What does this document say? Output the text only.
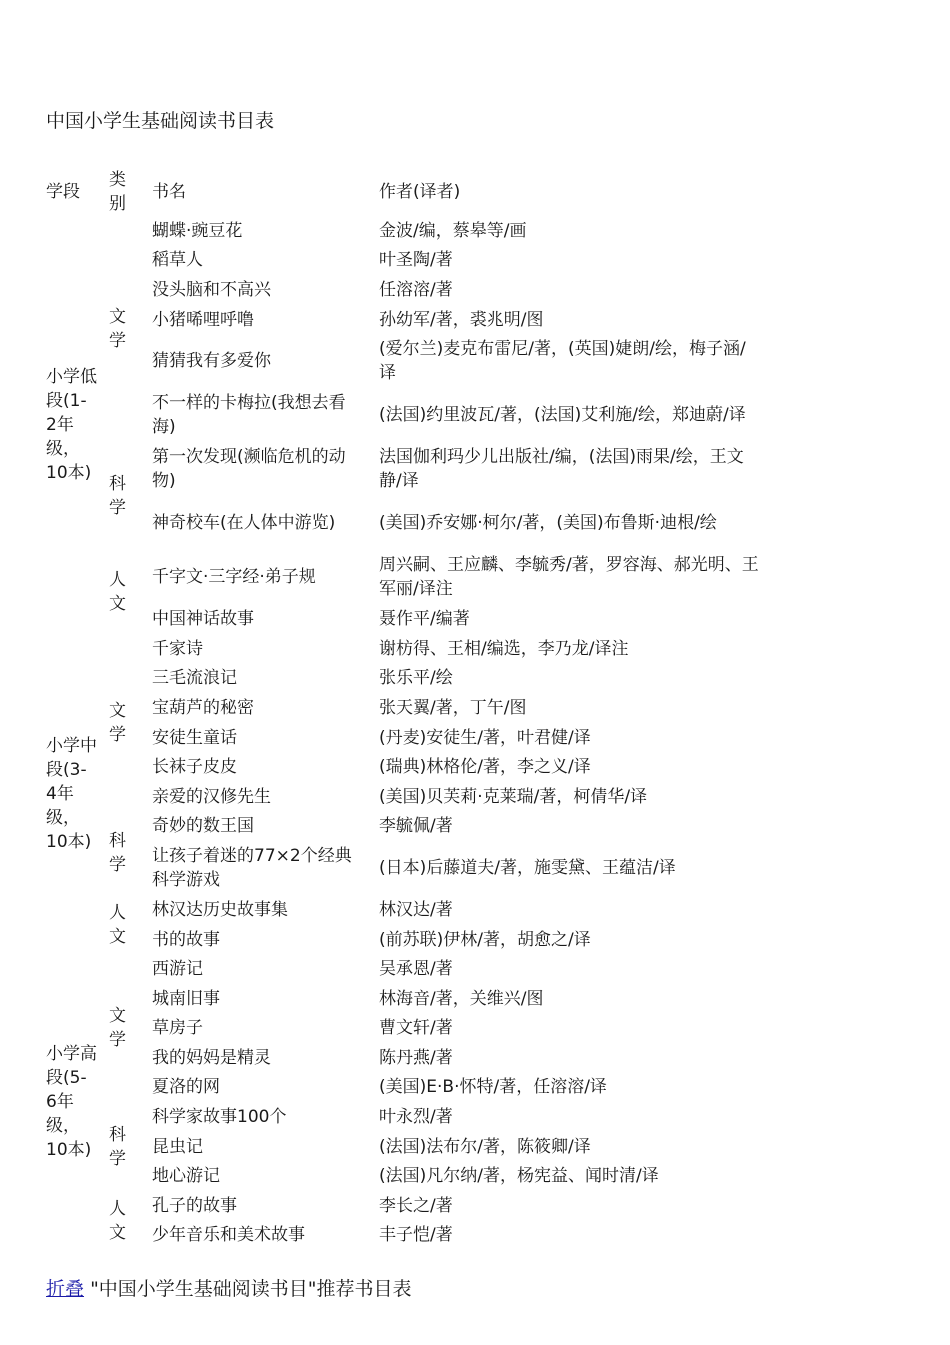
中国小学生基础阅读书目表
学段	类别	书名	作者(译者)
小学低段(1-2年级，10本)	文学	蝴蝶·豌豆花	金波/编，蔡皋等/画
		稻草人	叶圣陶/著
		没头脑和不高兴	任溶溶/著
		小猪唏哩呼噜	孙幼军/著，裘兆明/图
		猜猜我有多爱你	(爱尔兰)麦克布雷尼/著，(英国)婕朗/绘，梅子涵/译
		不一样的卡梅拉(我想去看海)	(法国)约里波瓦/著，(法国)艾利施/绘，郑迪蔚/译
	科学	第一次发现(濒临危机的动物)	法国伽利玛少儿出版社/编，(法国)雨果/绘，王文静/译
		神奇校车(在人体中游览)	(美国)乔安娜·柯尔/著，(美国)布鲁斯·迪根/绘
	人文	千字文·三字经·弟子规	周兴嗣、王应麟、李毓秀/著，罗容海、郝光明、王军丽/译注
		中国神话故事	聂作平/编著
小学中段(3-4年级，10本)	文学	千家诗	谢枋得、王相/编选，李乃龙/译注
		三毛流浪记	张乐平/绘
		宝葫芦的秘密	张天翼/著，丁午/图
		安徒生童话	(丹麦)安徒生/著，叶君健/译
		长袜子皮皮	(瑞典)林格伦/著，李之义/译
		亲爱的汉修先生	(美国)贝芙莉·克莱瑞/著，柯倩华/译
	科学	奇妙的数王国	李毓佩/著
		让孩子着迷的77×2个经典科学游戏	(日本)后藤道夫/著，施雯黛、王蕴洁/译
	人文	林汉达历史故事集	林汉达/著
		书的故事	(前苏联)伊林/著，胡愈之/译
小学高段(5-6年级，10本)	文学	西游记	吴承恩/著
		城南旧事	林海音/著，关维兴/图
		草房子	曹文轩/著
		我的妈妈是精灵	陈丹燕/著
		夏洛的网	(美国)E·B·怀特/著，任溶溶/译
	科学	科学家故事100个	叶永烈/著
		昆虫记	(法国)法布尔/著，陈筱卿/译
		地心游记	(法国)凡尔纳/著，杨宪益、闻时清/译
	人文	孔子的故事	李长之/著
		少年音乐和美术故事	丰子恺/著
折叠 "中国小学生基础阅读书目"推荐书目表
